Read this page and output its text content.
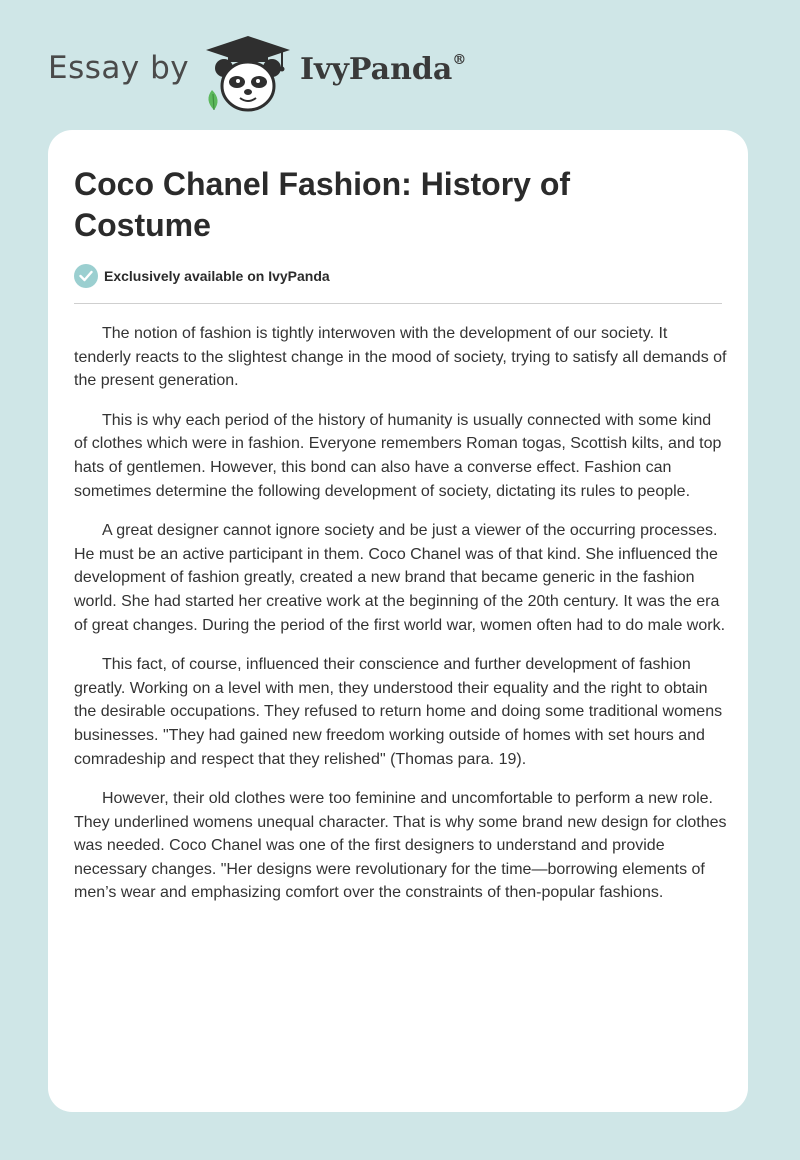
Essay by	IvyPanda®
Coco Chanel Fashion: History of Costume
Exclusively available on IvyPanda

The notion of fashion is tightly interwoven with the development of our society. It tenderly reacts to the slightest change in the mood of society, trying to satisfy all demands of the present generation.

This is why each period of the history of humanity is usually connected with some kind of clothes which were in fashion. Everyone remembers Roman togas, Scottish kilts, and top hats of gentlemen. However, this bond can also have a converse effect. Fashion can sometimes determine the following development of society, dictating its rules to people.

A great designer cannot ignore society and be just a viewer of the occurring processes. He must be an active participant in them. Coco Chanel was of that kind. She influenced the development of fashion greatly, created a new brand that became generic in the fashion world. She had started her creative work at the beginning of the 20th century. It was the era of great changes. During the period of the first world war, women often had to do male work.

This fact, of course, influenced their conscience and further development of fashion greatly. Working on a level with men, they understood their equality and the right to obtain the desirable occupations. They refused to return home and doing some traditional womens businesses. "They had gained new freedom working outside of homes with set hours and comradeship and respect that they relished" (Thomas para. 19).

However, their old clothes were too feminine and uncomfortable to perform a new role. They underlined womens unequal character. That is why some brand new design for clothes was needed. Coco Chanel was one of the first designers to understand and provide necessary changes. "Her designs were revolutionary for the time—borrowing elements of men’s wear and emphasizing comfort over the constraints of then-popular fashions.
